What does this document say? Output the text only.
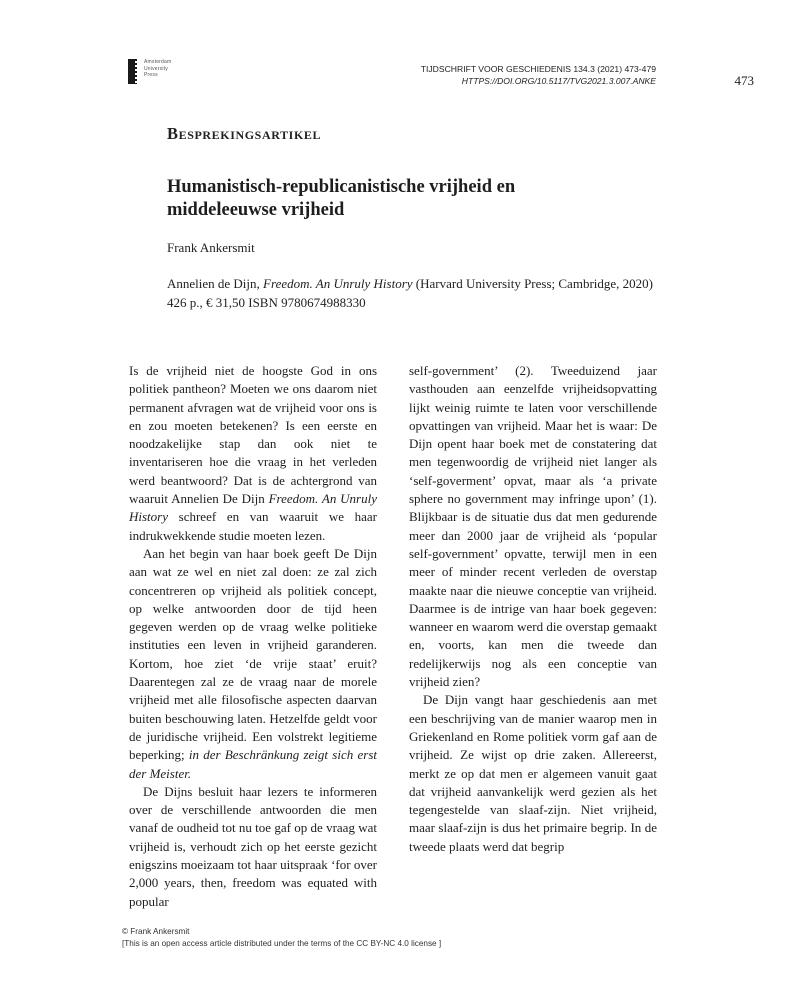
Amsterdam
University
Press
TIJDSCHRIFT VOOR GESCHIEDENIS 134.3 (2021) 473-479
HTTPS://DOI.ORG/10.5117/TVG2021.3.007.ANKE	473
Besprekingsartikel
Humanistisch-republicanistische vrijheid en middeleeuwse vrijheid
Frank Ankersmit
Annelien de Dijn, Freedom. An Unruly History (Harvard University Press; Cambridge, 2020) 426 p., € 31,50 ISBN 9780674988330

Is de vrijheid niet de hoogste God in ons politiek pantheon? Moeten we ons daarom niet permanent afvragen wat de vrijheid voor ons is en zou moeten betekenen? Is een eerste en noodzakelijke stap dan ook niet te inventariseren hoe die vraag in het verleden werd beantwoord? Dat is de achtergrond van waaruit Annelien De Dijn Freedom. An Unruly History schreef en van waaruit we haar indrukwekkende studie moeten lezen.

Aan het begin van haar boek geeft De Dijn aan wat ze wel en niet zal doen: ze zal zich concentreren op vrijheid als politiek concept, op welke antwoorden door de tijd heen gegeven werden op de vraag welke politieke instituties een leven in vrijheid garanderen. Kortom, hoe ziet ‘de vrije staat’ eruit? Daarentegen zal ze de vraag naar de morele vrijheid met alle filosofische aspecten daarvan buiten beschouwing laten. Hetzelfde geldt voor de juridische vrijheid. Een volstrekt legitieme beperking; in der Beschränkung zeigt sich erst der Meister.

De Dijns besluit haar lezers te informeren over de verschillende antwoorden die men vanaf de oudheid tot nu toe gaf op de vraag wat vrijheid is, verhoudt zich op het eerste gezicht enigszins moeizaam tot haar uitspraak ‘for over 2,000 years, then, freedom was equated with popular

self-government’ (2). Tweeduizend jaar vasthouden aan eenzelfde vrijheidsopvatting lijkt weinig ruimte te laten voor verschillende opvattingen van vrijheid. Maar het is waar: De Dijn opent haar boek met de constatering dat men tegenwoordig de vrijheid niet langer als ‘self-goverment’ opvat, maar als ‘a private sphere no government may infringe upon’ (1). Blijkbaar is de situatie dus dat men gedurende meer dan 2000 jaar de vrijheid als ‘popular self-government’ opvatte, terwijl men in een meer of minder recent verleden de overstap maakte naar die nieuwe conceptie van vrijheid. Daarmee is de intrige van haar boek gegeven: wanneer en waarom werd die overstap gemaakt en, voorts, kan men die tweede dan redelijkerwijs nog als een conceptie van vrijheid zien?

De Dijn vangt haar geschiedenis aan met een beschrijving van de manier waarop men in Griekenland en Rome politiek vorm gaf aan de vrijheid. Ze wijst op drie zaken. Allereerst, merkt ze op dat men er algemeen vanuit gaat dat vrijheid aanvankelijk werd gezien als het tegengestelde van slaaf-zijn. Niet vrijheid, maar slaaf-zijn is dus het primaire begrip. In de tweede plaats werd dat begrip

© Frank Ankersmit
[This is an open access article distributed under the terms of the CC BY-NC 4.0 license ]
